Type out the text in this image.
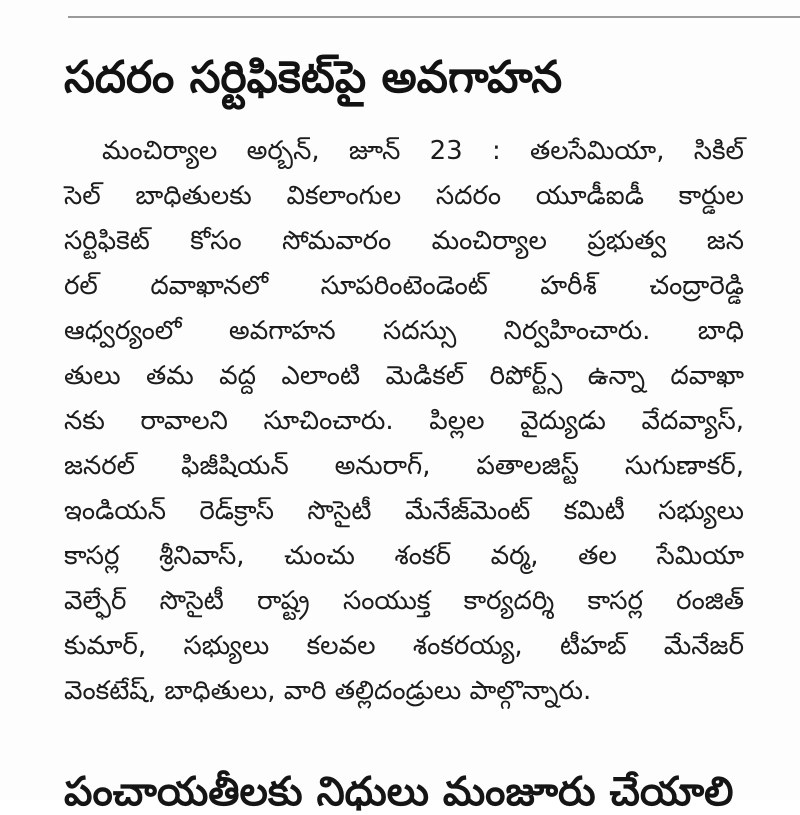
సదరం సర్టిఫికెట్‌పై అవగాహన
మంచిర్యాల అర్బన్‌, జూన్‌ 23 : తలసేమియా, సికిల్‌
సెల్‌ బాధితులకు వికలాంగుల సదరం యూడీఐడీ కార్డుల
సర్టిఫికెట్‌ కోసం సోమవారం మంచిర్యాల ప్రభుత్వ జన
రల్‌ దవాఖానలో సూపరింటెండెంట్‌ హరీశ్‌ చంద్రారెడ్డి
ఆధ్వర్యంలో అవగాహన సదస్సు నిర్వహించారు. బాధి
తులు తమ వద్ద ఎలాంటి మెడికల్‌ రిపోర్ట్స్‌ ఉన్నా దవాఖా
నకు రావాలని సూచించారు. పిల్లల వైద్యుడు వేదవ్యాస్‌,
జనరల్‌ ఫిజీషియన్‌ అనురాగ్‌, పతాలజిస్ట్‌ సుగుణాకర్‌,
ఇండియన్‌ రెడ్‌క్రాస్‌ సొసైటీ మేనేజ్‌మెంట్‌ కమిటీ సభ్యులు
కాసర్ల శ్రీనివాస్‌, చుంచు శంకర్‌ వర్మ, తల సేమియా
వెల్ఫేర్‌ సొసైటీ రాష్ట్ర సంయుక్త కార్యదర్శి కాసర్ల రంజిత్‌
కుమార్‌, సభ్యులు కలవల శంకరయ్య, టీహబ్‌ మేనేజర్‌
వెంకటేష్‌, బాధితులు, వారి తల్లిదండ్రులు పాల్గొన్నారు.
పంచాయతీలకు నిధులు మంజూరు చేయాలి
